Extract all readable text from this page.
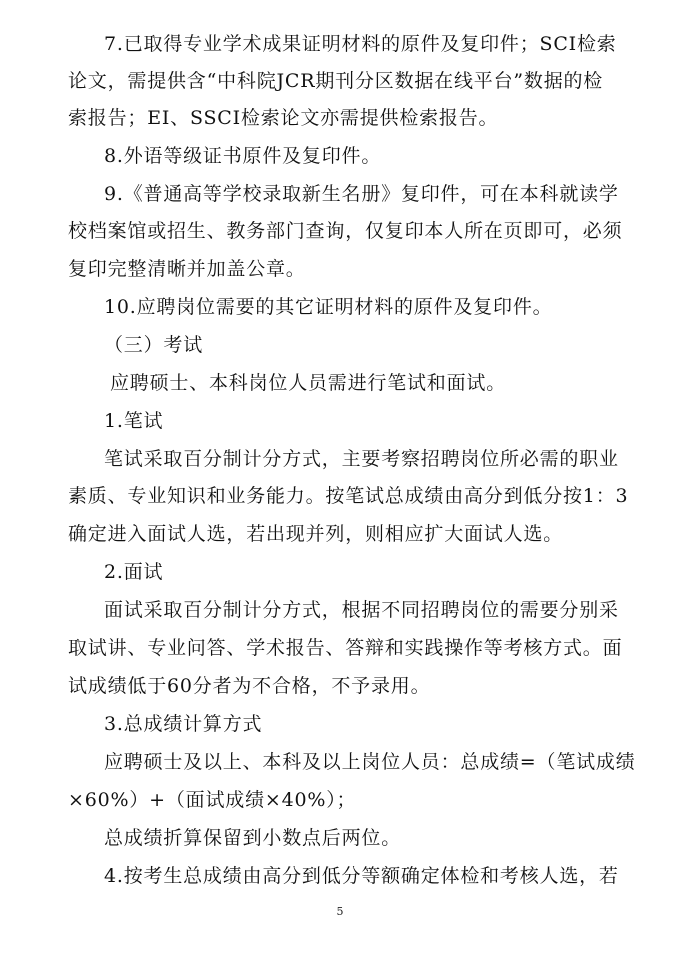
7.已取得专业学术成果证明材料的原件及复印件；SCI检索
论文，需提供含“中科院JCR期刊分区数据在线平台”数据的检
索报告；EI、SSCI检索论文亦需提供检索报告。
8.外语等级证书原件及复印件。
9.《普通高等学校录取新生名册》复印件，可在本科就读学
校档案馆或招生、教务部门查询，仅复印本人所在页即可，必须
复印完整清晰并加盖公章。
10.应聘岗位需要的其它证明材料的原件及复印件。
（三）考试
应聘硕士、本科岗位人员需进行笔试和面试。
1.笔试
笔试采取百分制计分方式，主要考察招聘岗位所必需的职业
素质、专业知识和业务能力。按笔试总成绩由高分到低分按1：3
确定进入面试人选，若出现并列，则相应扩大面试人选。
2.面试
面试采取百分制计分方式，根据不同招聘岗位的需要分别采
取试讲、专业问答、学术报告、答辩和实践操作等考核方式。面
试成绩低于60分者为不合格，不予录用。
3.总成绩计算方式
应聘硕士及以上、本科及以上岗位人员：总成绩=（笔试成绩
×60%）+（面试成绩×40%）；
总成绩折算保留到小数点后两位。
4.按考生总成绩由高分到低分等额确定体检和考核人选，若
5
